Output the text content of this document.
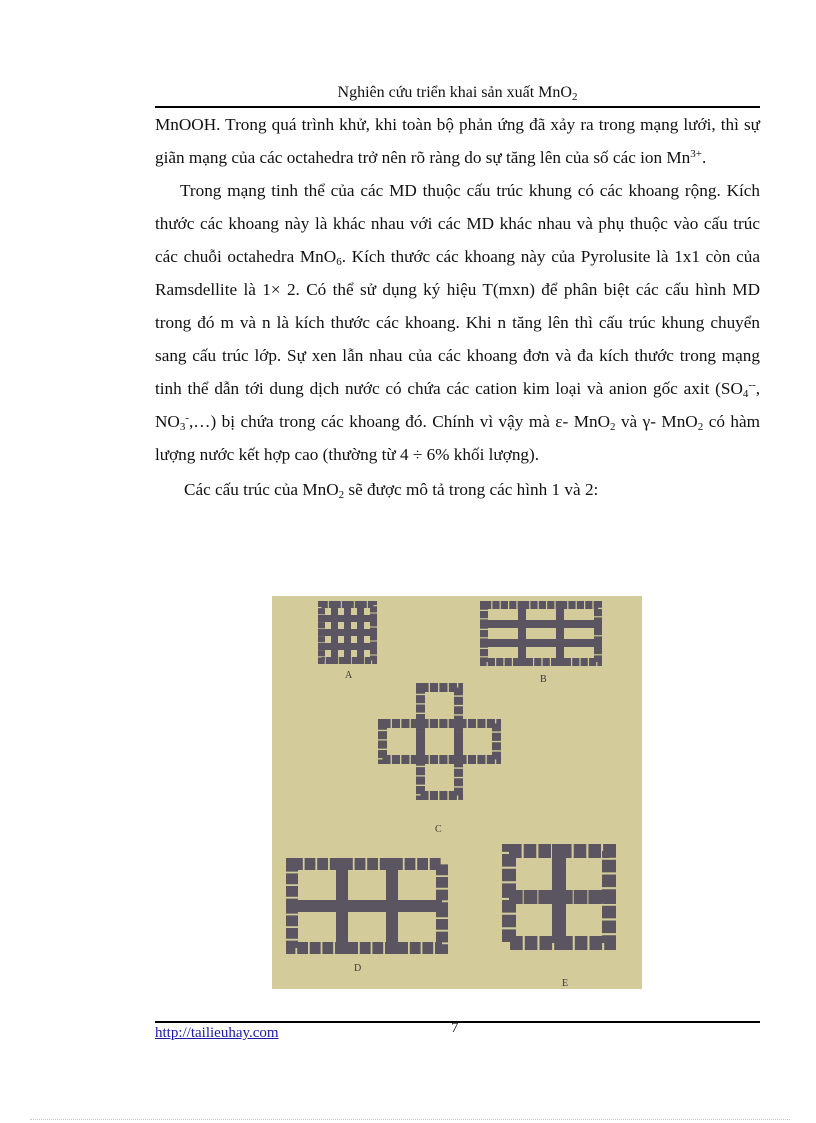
Nghiên cứu triển khai sản xuất MnO$_2$

MnOOH. Trong quá trình khử, khi toàn bộ phản ứng đã xảy ra trong mạng lưới, thì sự giãn mạng của các octahedra trở nên rõ ràng do sự tăng lên của số các ion $Mn^{3+}$.

Trong mạng tinh thể của các MD thuộc cấu trúc khung có các khoang rộng. Kích thước các khoang này là khác nhau với các MD khác nhau và phụ thuộc vào cấu trúc các chuỗi octahedra MnO$_6$. Kích thước các khoang này của Pyrolusite là 1x1 còn của Ramsdellite là 1× 2. Có thể sử dụng ký hiệu T(mxn) để phân biệt các cấu hình MD trong đó m và n là kích thước các khoang. Khi n tăng lên thì cấu trúc khung chuyển sang cấu trúc lớp. Sự xen lẫn nhau của các khoang đơn và đa kích thước trong mạng tinh thể dẫn tới dung dịch nước có chứa các cation kim loại và anion gốc axit ($SO_4^{--}$, $NO_3^-,\dots$) bị chứa trong các khoang đó. Chính vì vậy mà ε- MnO$_2$ và γ- MnO$_2$ có hàm lượng nước kết hợp cao (thường từ 4 ÷ 6% khối lượng).

Các cấu trúc của MnO$_2$ sẽ được mô tả trong các hình 1 và 2:

A	B
C
D
E
http://tailieuhay.com	7
